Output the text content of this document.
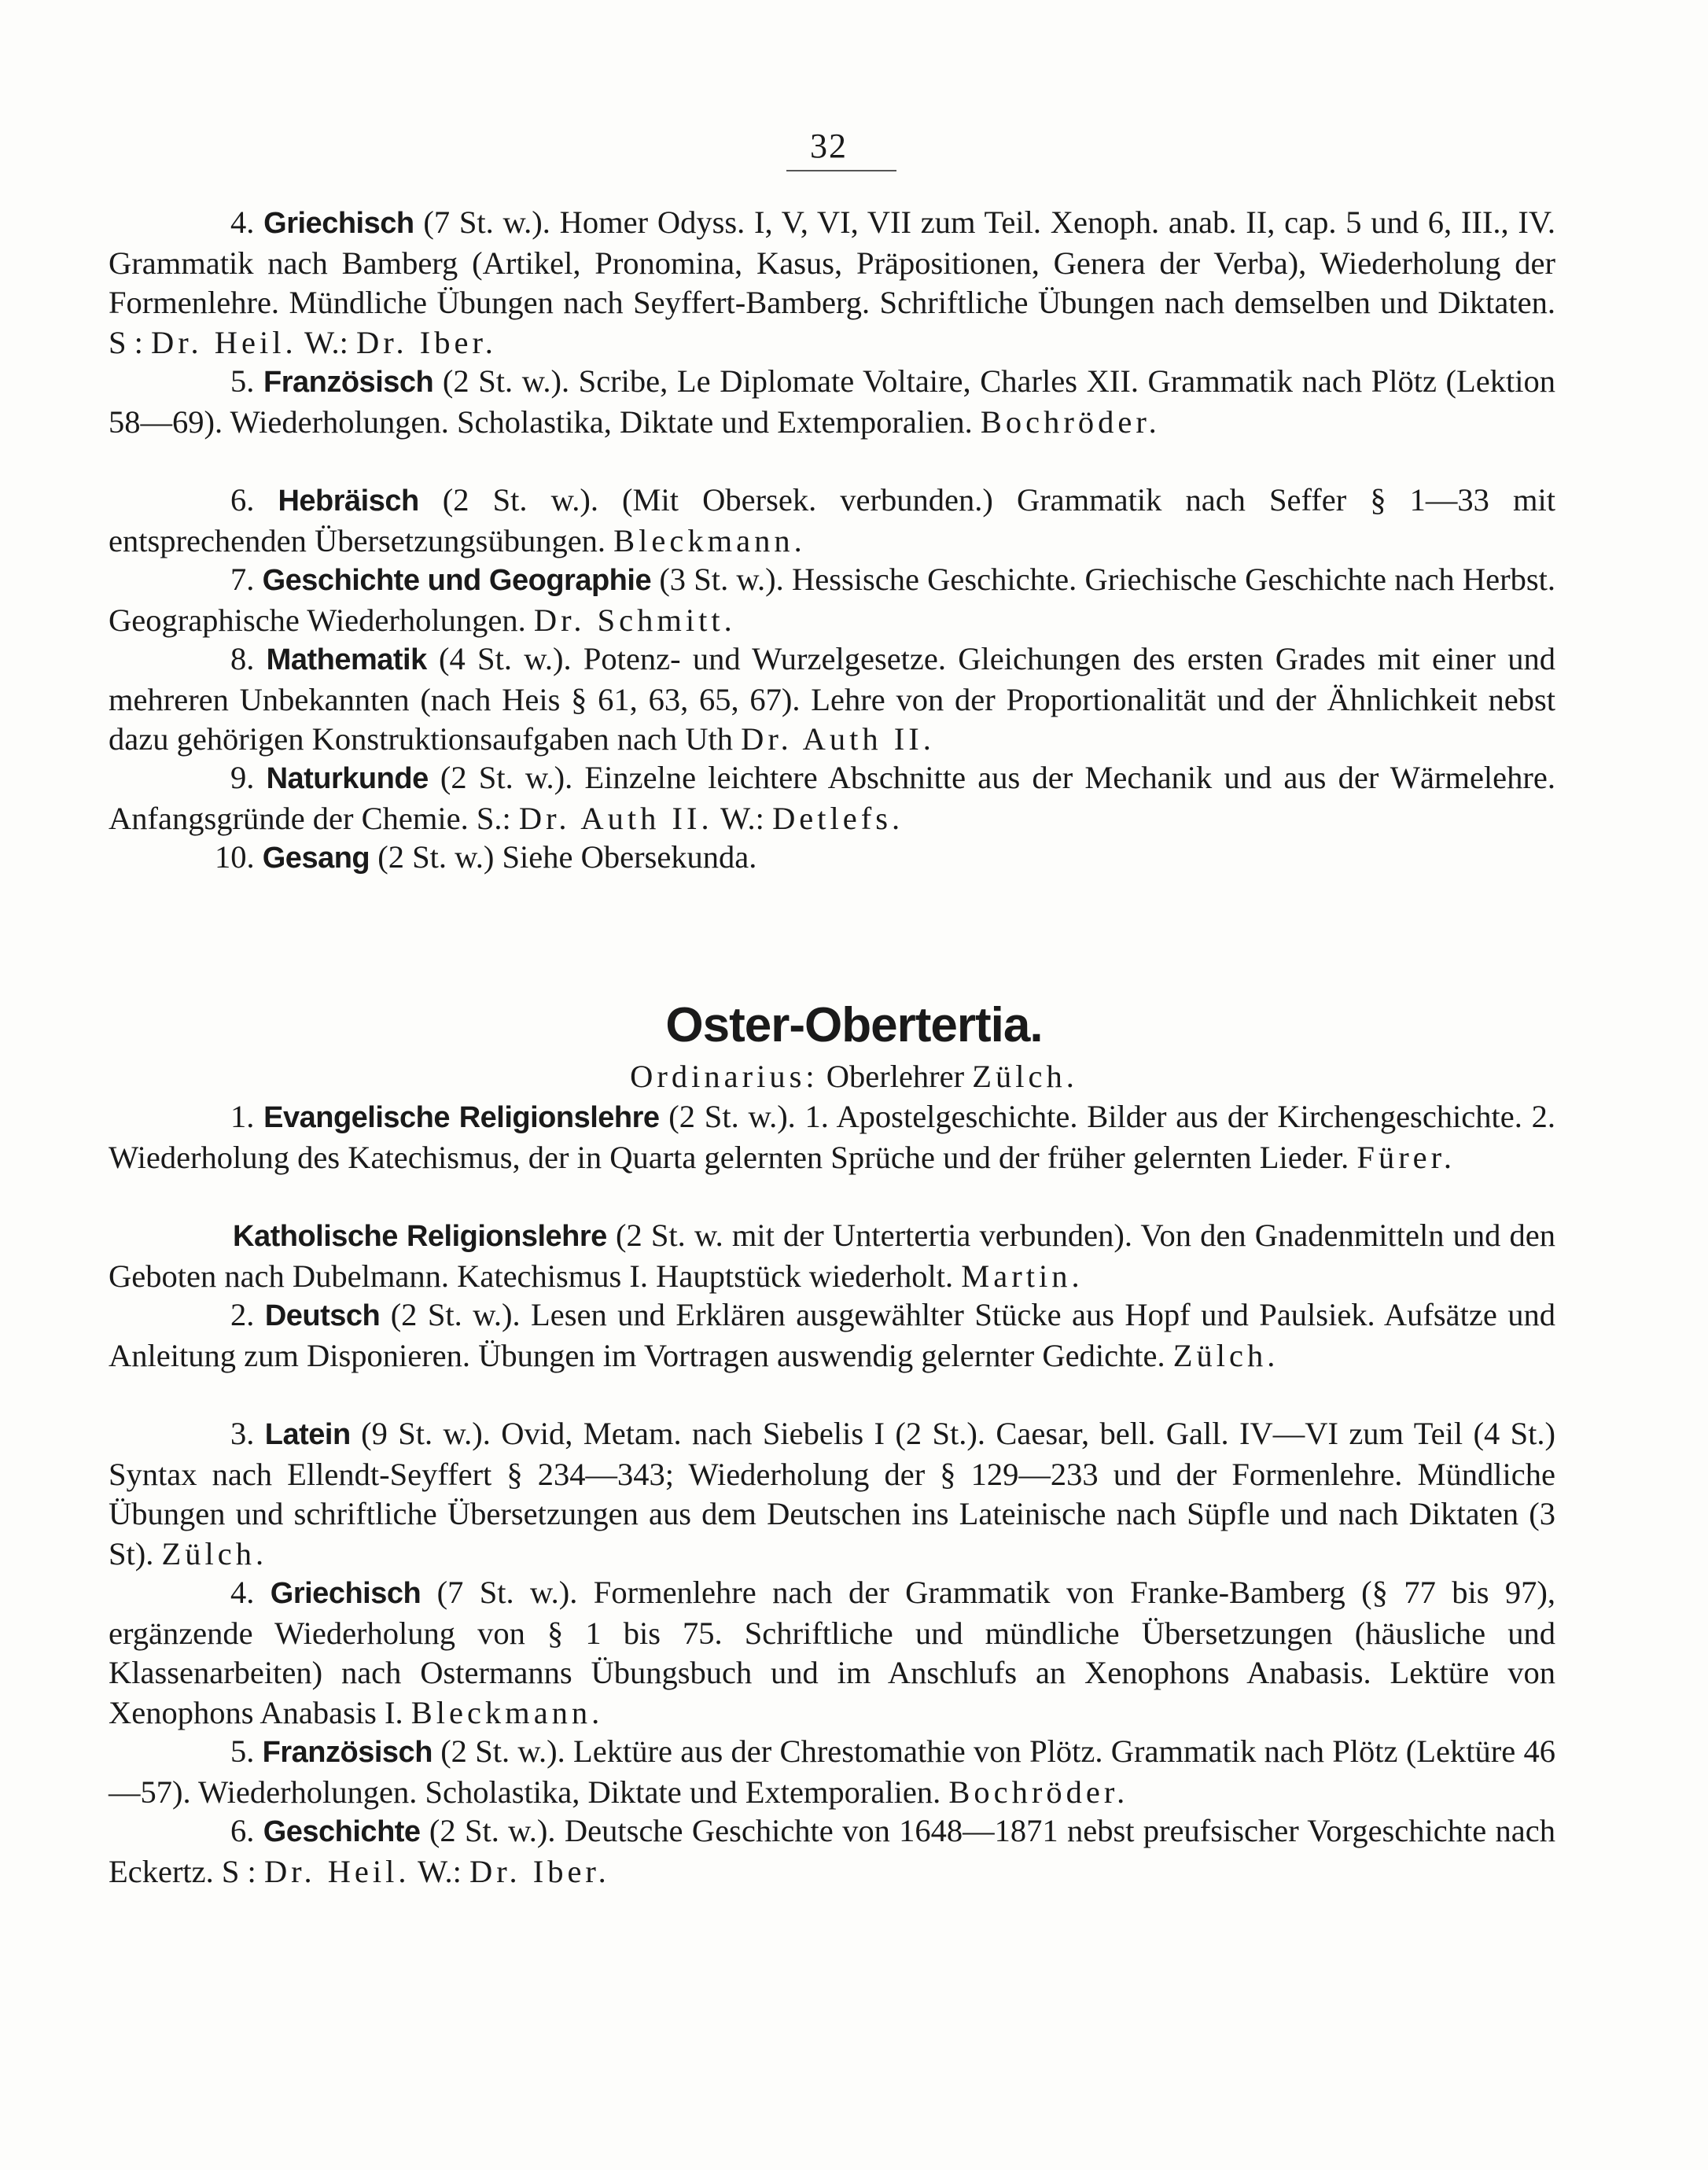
32

4. Griechisch (7 St. w.). Homer Odyss. I, V, VI, VII zum Teil. Xenoph. anab. II, cap. 5 und 6, III., IV. Grammatik nach Bamberg (Artikel, Pronomina, Kasus, Präpositionen, Genera der Verba), Wiederholung der Formenlehre. Mündliche Übungen nach Seyffert-Bamberg. Schriftliche Übungen nach demselben und Diktaten. S : Dr. Heil. W.: Dr. Iber.

5. Französisch (2 St. w.). Scribe, Le Diplomate Voltaire, Charles XII. Grammatik nach Plötz (Lektion 58—69). Wiederholungen. Scholastika, Diktate und Extemporalien. Bochröder.

6. Hebräisch (2 St. w.). (Mit Obersek. verbunden.) Grammatik nach Seffer § 1—33 mit entsprechenden Übersetzungsübungen. Bleckmann.

7. Geschichte und Geographie (3 St. w.). Hessische Geschichte. Griechische Geschichte nach Herbst. Geographische Wiederholungen. Dr. Schmitt.

8. Mathematik (4 St. w.). Potenz- und Wurzelgesetze. Gleichungen des ersten Grades mit einer und mehreren Unbekannten (nach Heis § 61, 63, 65, 67). Lehre von der Proportionalität und der Ähnlichkeit nebst dazu gehörigen Konstruktionsaufgaben nach Uth Dr. Auth II.

9. Naturkunde (2 St. w.). Einzelne leichtere Abschnitte aus der Mechanik und aus der Wärmelehre. Anfangsgründe der Chemie. S.: Dr. Auth II. W.: Detlefs.

10. Gesang (2 St. w.) Siehe Obersekunda.

Oster-Obertertia.
Ordinarius: Oberlehrer Zülch.

1. Evangelische Religionslehre (2 St. w.). 1. Apostelgeschichte. Bilder aus der Kirchengeschichte. 2. Wiederholung des Katechismus, der in Quarta gelernten Sprüche und der früher gelernten Lieder. Fürer.

Katholische Religionslehre (2 St. w. mit der Untertertia verbunden). Von den Gnadenmitteln und den Geboten nach Dubelmann. Katechismus I. Hauptstück wiederholt. Martin.

2. Deutsch (2 St. w.). Lesen und Erklären ausgewählter Stücke aus Hopf und Paulsiek. Aufsätze und Anleitung zum Disponieren. Übungen im Vortragen auswendig gelernter Gedichte. Zülch.

3. Latein (9 St. w.). Ovid, Metam. nach Siebelis I (2 St.). Caesar, bell. Gall. IV—VI zum Teil (4 St.) Syntax nach Ellendt-Seyffert § 234—343; Wiederholung der § 129—233 und der Formenlehre. Mündliche Übungen und schriftliche Übersetzungen aus dem Deutschen ins Lateinische nach Süpfle und nach Diktaten (3 St). Zülch.

4. Griechisch (7 St. w.). Formenlehre nach der Grammatik von Franke-Bamberg (§ 77 bis 97), ergänzende Wiederholung von § 1 bis 75. Schriftliche und mündliche Übersetzungen (häusliche und Klassenarbeiten) nach Ostermanns Übungsbuch und im Anschlufs an Xenophons Anabasis. Lektüre von Xenophons Anabasis I. Bleckmann.

5. Französisch (2 St. w.). Lektüre aus der Chrestomathie von Plötz. Grammatik nach Plötz (Lektüre 46—57). Wiederholungen. Scholastika, Diktate und Extemporalien. Bochröder.

6. Geschichte (2 St. w.). Deutsche Geschichte von 1648—1871 nebst preufsischer Vorgeschichte nach Eckertz. S : Dr. Heil. W.: Dr. Iber.
